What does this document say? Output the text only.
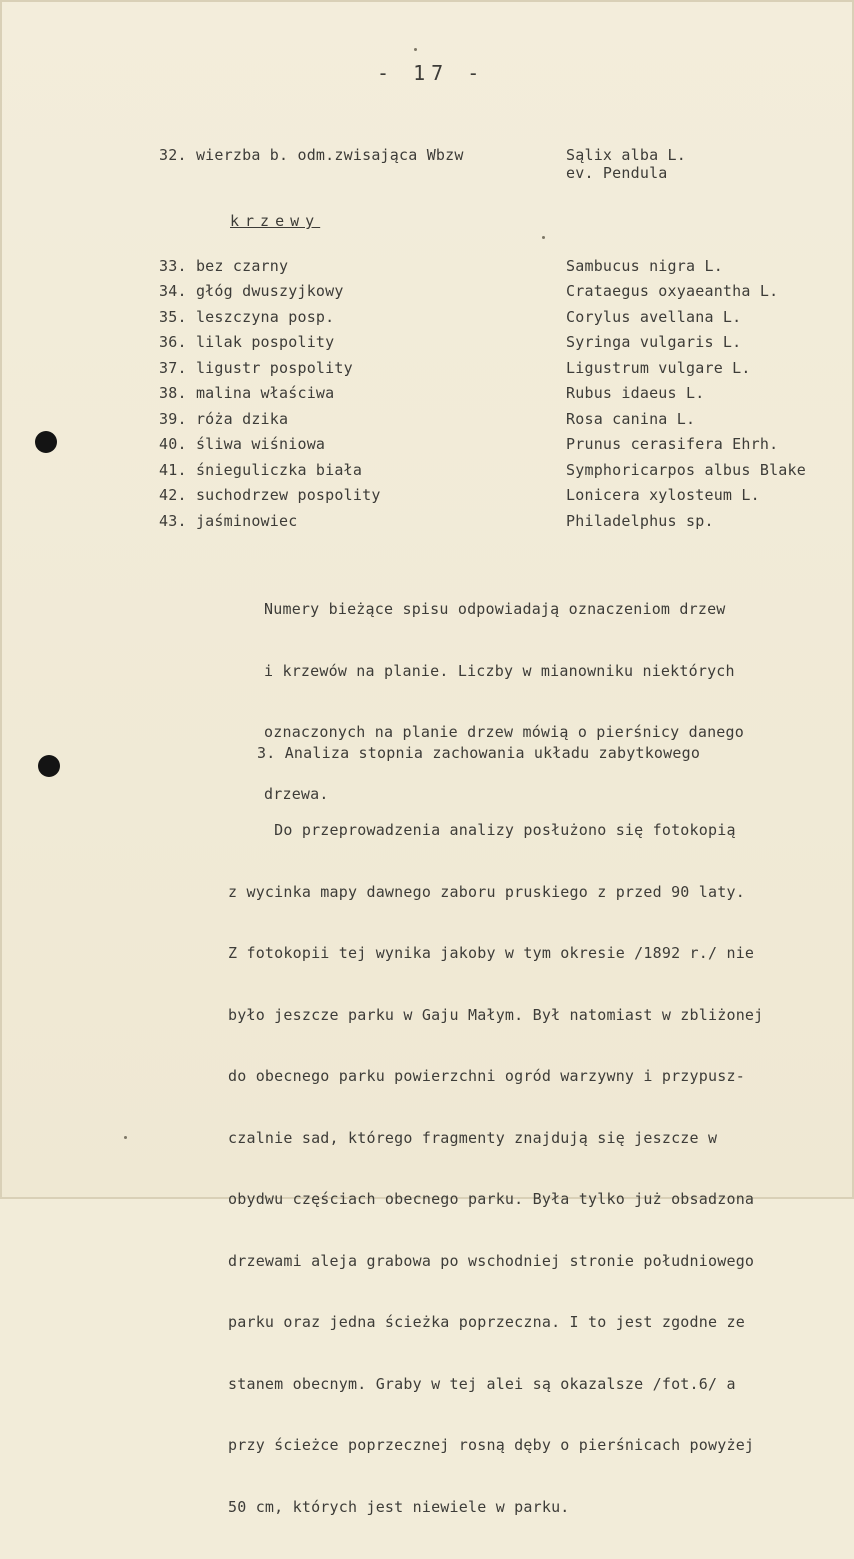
- 17 -
32. wierzba b. odm.zwisająca Wbzw	Sąlix alba L.
ev. Pendula
krzewy
33. bez czarny	Sambucus nigra L.
34. głóg dwuszyjkowy	Crataegus oxyaeantha L.
35. leszczyna posp.	Corylus avellana L.
36. lilak pospolity	Syringa vulgaris L.
37. ligustr pospolity	Ligustrum vulgare L.
38. malina właściwa	Rubus idaeus L.
39. róża dzika	Rosa canina L.
40. śliwa wiśniowa	Prunus cerasifera Ehrh.
41. śnieguliczka biała	Symphoricarpos albus Blake
42. suchodrzew pospolity	Lonicera xylosteum L.
43. jaśminowiec	Philadelphus sp.

Numery bieżące spisu odpowiadają oznaczeniom drzew

i krzewów na planie. Liczby w mianowniku niektórych

oznaczonych na planie drzew mówią o pierśnicy danego

drzewa.

3. Analiza stopnia zachowania układu zabytkowego

Do przeprowadzenia analizy posłużono się fotokopią

z wycinka mapy dawnego zaboru pruskiego z przed 90 laty.

Z fotokopii tej wynika jakoby w tym okresie /1892 r./ nie

było jeszcze parku w Gaju Małym. Był natomiast w zbliżonej

do obecnego parku powierzchni ogród warzywny i przypusz-

czalnie sad, którego fragmenty znajdują się jeszcze w

obydwu częściach obecnego parku. Była tylko już obsadzona

drzewami aleja grabowa po wschodniej stronie południowego

parku oraz jedna ścieżka poprzeczna. I to jest zgodne ze

stanem obecnym. Graby w tej alei są okazalsze /fot.6/ a

przy ścieżce poprzecznej rosną dęby o pierśnicach powyżej

50 cm, których jest niewiele w parku.
